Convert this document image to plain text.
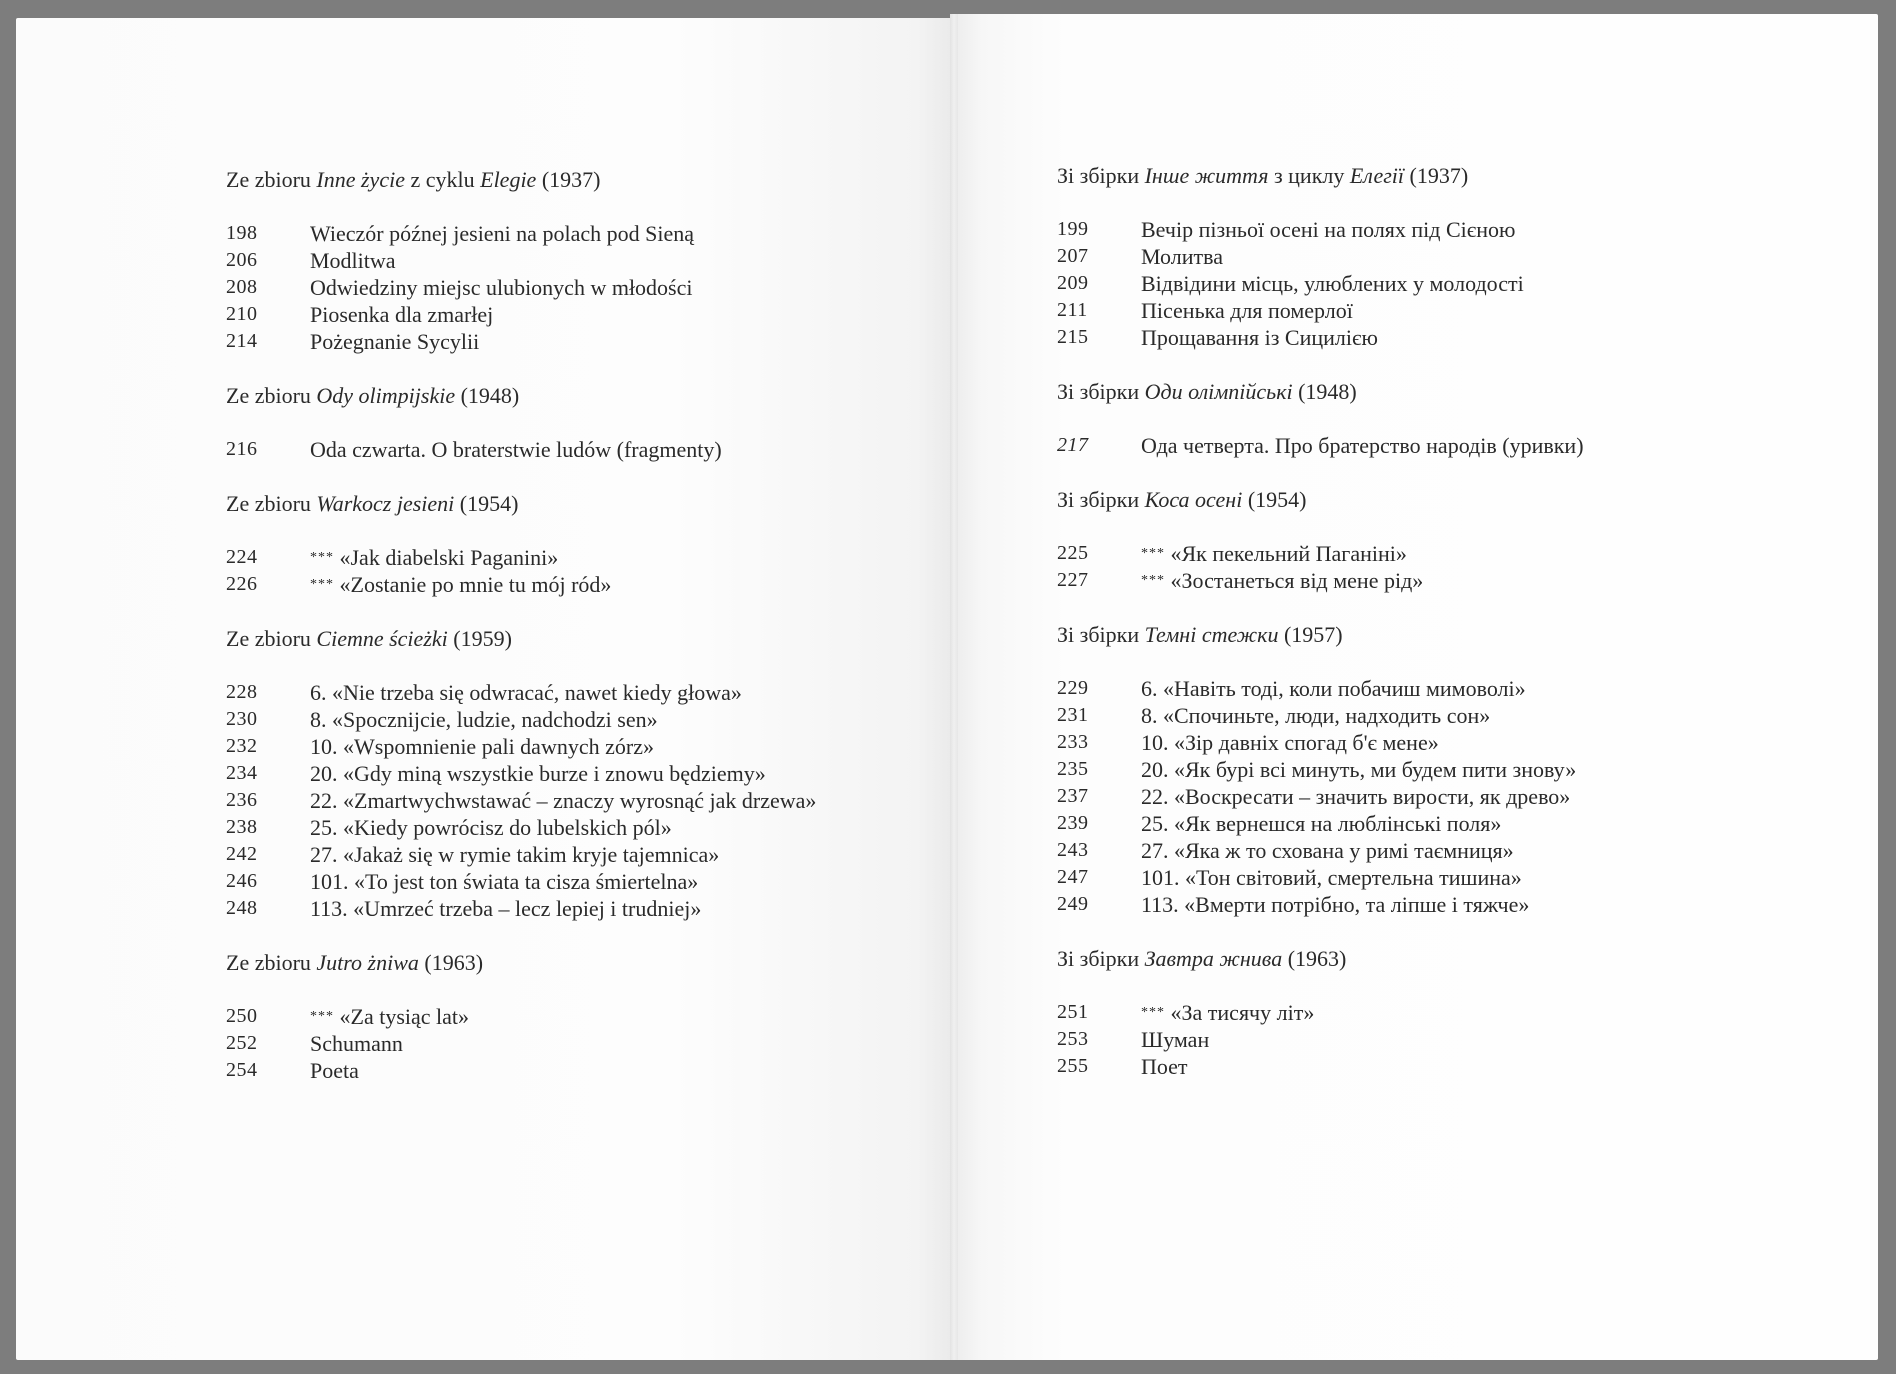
Ze zbioru Inne życie z cyklu Elegie (1937)
198	Wieczór późnej jesieni na polach pod Sieną
206	Modlitwa
208	Odwiedziny miejsc ulubionych w młodości
210	Piosenka dla zmarłej
214	Pożegnanie Sycylii
Ze zbioru Ody olimpijskie (1948)
216	Oda czwarta. O braterstwie ludów (fragmenty)
Ze zbioru Warkocz jesieni (1954)
224	*** «Jak diabelski Paganini»
226	*** «Zostanie po mnie tu mój ród»
Ze zbioru Ciemne ścieżki (1959)
228	6. «Nie trzeba się odwracać, nawet kiedy głowa»
230	8. «Spocznijcie, ludzie, nadchodzi sen»
232	10. «Wspomnienie pali dawnych zórz»
234	20. «Gdy miną wszystkie burze i znowu będziemy»
236	22. «Zmartwychwstawać – znaczy wyrosnąć jak drzewa»
238	25. «Kiedy powrócisz do lubelskich pól»
242	27. «Jakaż się w rymie takim kryje tajemnica»
246	101. «To jest ton świata ta cisza śmiertelna»
248	113. «Umrzeć trzeba – lecz lepiej i trudniej»
Ze zbioru Jutro żniwa (1963)
250	*** «Za tysiąc lat»
252	Schumann
254	Poeta
Зі збірки Інше життя з циклу Елегії (1937)
199	Вечір пізньої осені на полях під Сієною
207	Молитва
209	Відвідини місць, улюблених у молодості
211	Пісенька для померлої
215	Прощавання із Сицилією
Зі збірки Оди олімпійські (1948)
217	Ода четверта. Про братерство народів (уривки)
Зі збірки Коса осені (1954)
225	*** «Як пекельний Паганіні»
227	*** «Зостанеться від мене рід»
Зі збірки Темні стежки (1957)
229	6. «Навіть тоді, коли побачиш мимоволі»
231	8. «Спочиньте, люди, надходить сон»
233	10. «Зір давніх спогад б'є мене»
235	20. «Як бурі всі минуть, ми будем пити знову»
237	22. «Воскресати – значить вирости, як древо»
239	25. «Як вернешся на люблінські поля»
243	27. «Яка ж то схована у римі таємниця»
247	101. «Тон світовий, смертельна тишина»
249	113. «Вмерти потрібно, та ліпше і тяжче»
Зі збірки Завтра жнива (1963)
251	*** «За тисячу літ»
253	Шуман
255	Поет
